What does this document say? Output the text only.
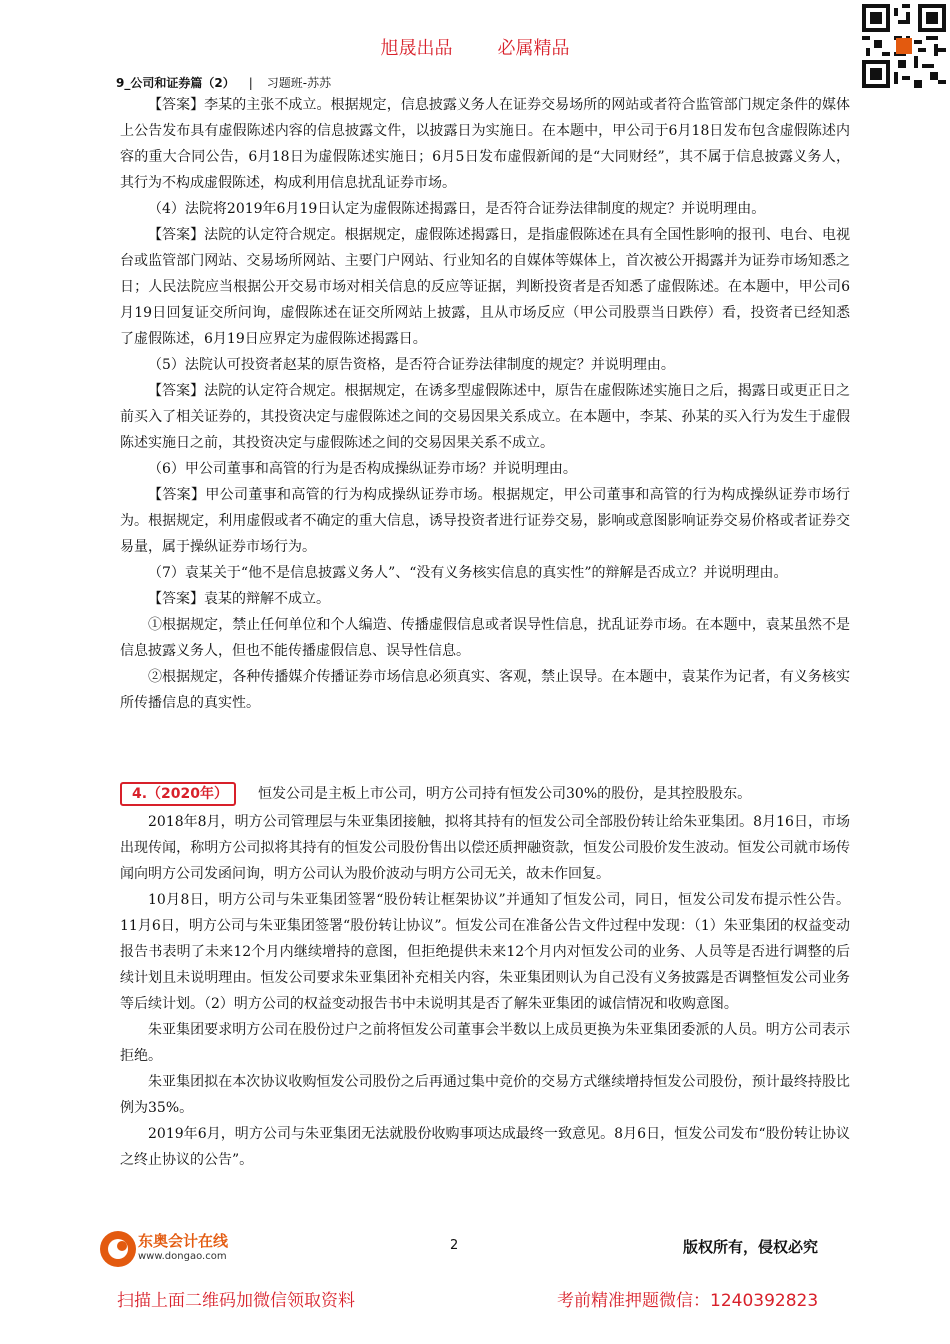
旭晟出品	必属精品
9_公司和证券篇（2） | 习题班-苏苏

【答案】李某的主张不成立。根据规定，信息披露义务人在证券交易场所的网站或者符合监管部门规定条件的媒体上公告发布具有虚假陈述内容的信息披露文件，以披露日为实施日。在本题中，甲公司于6月18日发布包含虚假陈述内容的重大合同公告，6月18日为虚假陈述实施日；6月5日发布虚假新闻的是“大同财经”，其不属于信息披露义务人，其行为不构成虚假陈述，构成利用信息扰乱证券市场。

（4）法院将2019年6月19日认定为虚假陈述揭露日，是否符合证券法律制度的规定？并说明理由。

【答案】法院的认定符合规定。根据规定，虚假陈述揭露日，是指虚假陈述在具有全国性影响的报刊、电台、电视台或监管部门网站、交易场所网站、主要门户网站、行业知名的自媒体等媒体上，首次被公开揭露并为证券市场知悉之日；人民法院应当根据公开交易市场对相关信息的反应等证据，判断投资者是否知悉了虚假陈述。在本题中，甲公司6月19日回复证交所问询，虚假陈述在证交所网站上披露，且从市场反应（甲公司股票当日跌停）看，投资者已经知悉了虚假陈述，6月19日应界定为虚假陈述揭露日。

（5）法院认可投资者赵某的原告资格，是否符合证券法律制度的规定？并说明理由。

【答案】法院的认定符合规定。根据规定，在诱多型虚假陈述中，原告在虚假陈述实施日之后，揭露日或更正日之前买入了相关证券的，其投资决定与虚假陈述之间的交易因果关系成立。在本题中，李某、孙某的买入行为发生于虚假陈述实施日之前，其投资决定与虚假陈述之间的交易因果关系不成立。

（6）甲公司董事和高管的行为是否构成操纵证券市场？并说明理由。

【答案】甲公司董事和高管的行为构成操纵证券市场。根据规定，甲公司董事和高管的行为构成操纵证券市场行为。根据规定，利用虚假或者不确定的重大信息，诱导投资者进行证券交易，影响或意图影响证券交易价格或者证券交易量，属于操纵证券市场行为。

（7）袁某关于“他不是信息披露义务人”、“没有义务核实信息的真实性”的辩解是否成立？并说明理由。

【答案】袁某的辩解不成立。

①根据规定，禁止任何单位和个人编造、传播虚假信息或者误导性信息，扰乱证券市场。在本题中，袁某虽然不是信息披露义务人，但也不能传播虚假信息、误导性信息。

②根据规定，各种传播媒介传播证券市场信息必须真实、客观，禁止误导。在本题中，袁某作为记者，有义务核实所传播信息的真实性。

4.（2020年） 恒发公司是主板上市公司，明方公司持有恒发公司30%的股份，是其控股股东。

2018年8月，明方公司管理层与朱亚集团接触，拟将其持有的恒发公司全部股份转让给朱亚集团。8月16日，市场出现传闻，称明方公司拟将其持有的恒发公司股份售出以偿还质押融资款，恒发公司股价发生波动。恒发公司就市场传闻向明方公司发函问询，明方公司认为股价波动与明方公司无关，故未作回复。

10月8日，明方公司与朱亚集团签署“股份转让框架协议”并通知了恒发公司，同日，恒发公司发布提示性公告。11月6日，明方公司与朱亚集团签署“股份转让协议”。恒发公司在准备公告文件过程中发现：（1）朱亚集团的权益变动报告书表明了未来12个月内继续增持的意图，但拒绝提供未来12个月内对恒发公司的业务、人员等是否进行调整的后续计划且未说明理由。恒发公司要求朱亚集团补充相关内容，朱亚集团则认为自己没有义务披露是否调整恒发公司业务等后续计划。（2）明方公司的权益变动报告书中未说明其是否了解朱亚集团的诚信情况和收购意图。

朱亚集团要求明方公司在股份过户之前将恒发公司董事会半数以上成员更换为朱亚集团委派的人员。明方公司表示拒绝。

朱亚集团拟在本次协议收购恒发公司股份之后再通过集中竞价的交易方式继续增持恒发公司股份，预计最终持股比例为35%。

2019年6月，明方公司与朱亚集团无法就股份收购事项达成最终一致意见。8月6日，恒发公司发布“股份转让协议之终止协议的公告”。

东奥会计在线
www.dongao.com
2	版权所有，侵权必究
扫描上面二维码加微信领取资料	考前精准押题微信：1240392823
